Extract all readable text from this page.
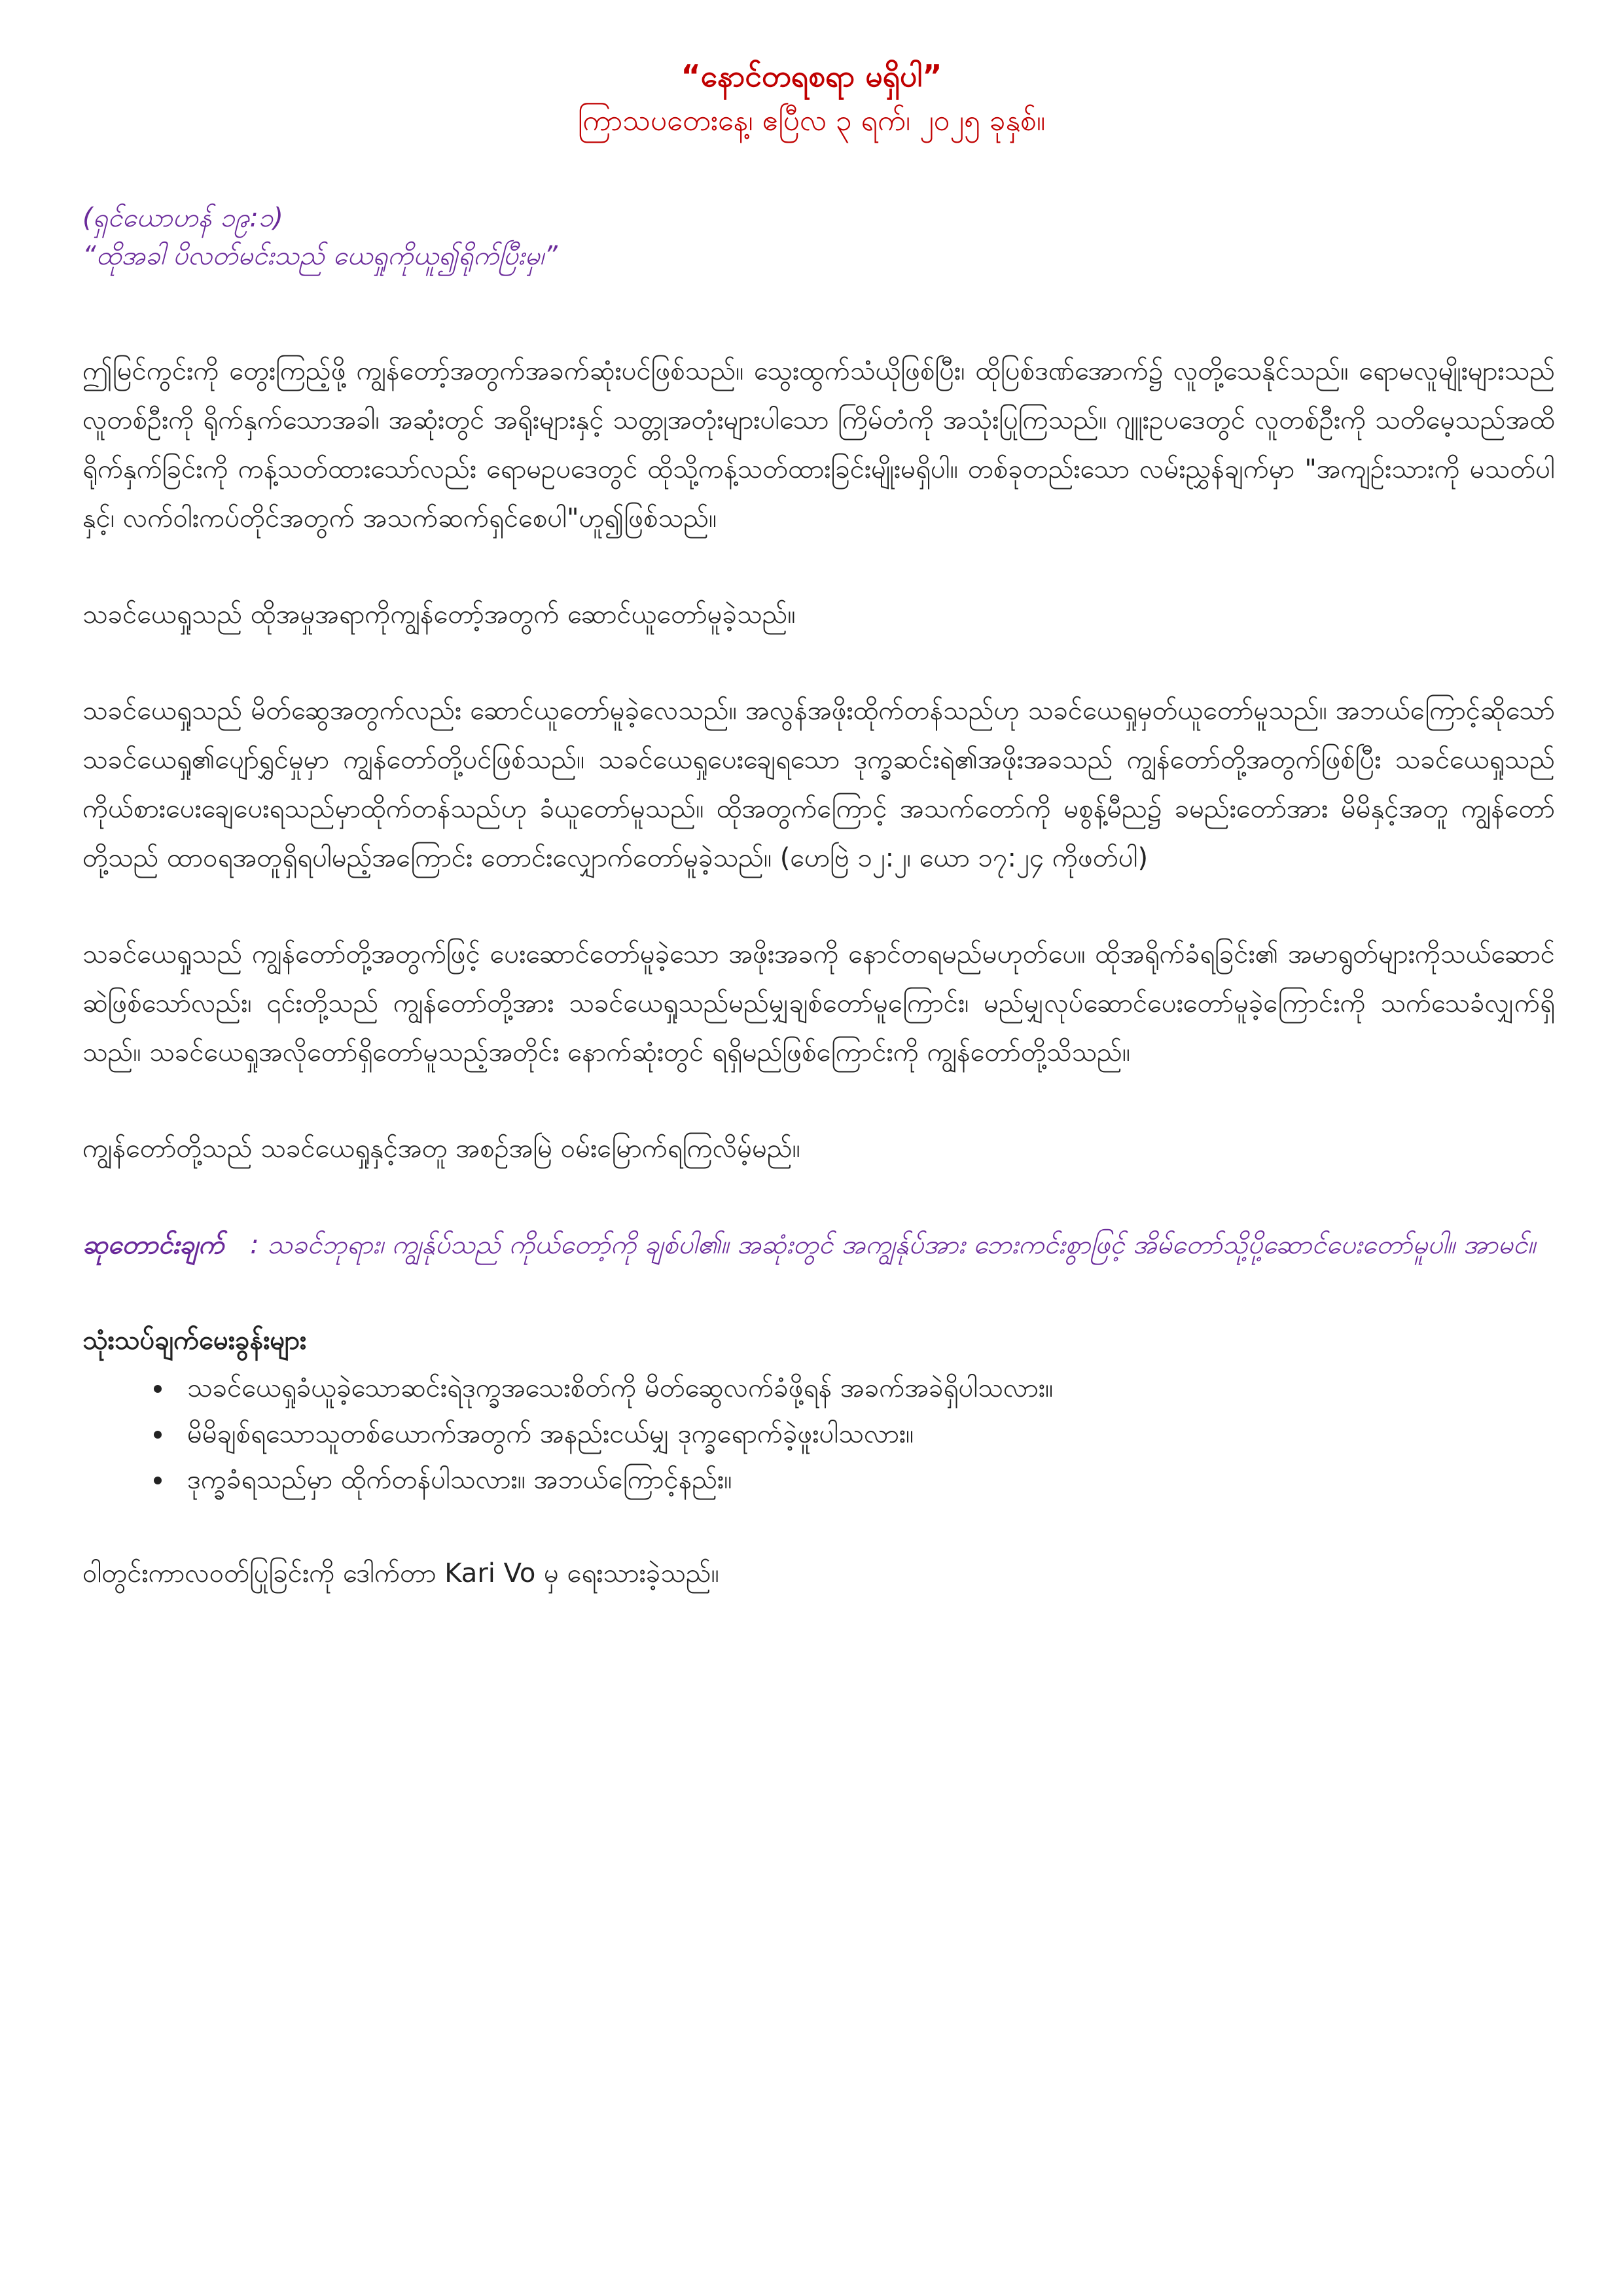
“နောင်တရစရာ မရှိပါ”
ကြာသပတေးနေ့၊ ဧပြီလ ၃ ရက်၊ ၂၀၂၅ ခုနှစ်။
(ရှင်ယောဟန် ၁၉:၁)
“ထိုအခါ ပိလတ်မင်းသည် ယေရှုကိုယူ၍ရိုက်ပြီးမှ၊”

ဤမြင်ကွင်းကို တွေးကြည့်ဖို့ ကျွန်တော့်အတွက်အခက်ဆုံးပင်ဖြစ်သည်။ သွေးထွက်သံယိုဖြစ်ပြီး၊ ထိုပြစ်ဒဏ်အောက်၌ လူတို့သေနိုင်သည်။ ရောမလူမျိုးများသည် လူတစ်ဦးကို ရိုက်နှက်သောအခါ၊ အဆုံးတွင် အရိုးများနှင့် သတ္တုအတုံးများပါသော ကြိမ်တံကို အသုံးပြုကြသည်။ ဂျူးဥပဒေတွင် လူတစ်ဦးကို သတိမေ့သည်အထိ ရိုက်နှက်ခြင်းကို ကန့်သတ်ထားသော်လည်း ရောမဥပဒေတွင် ထိုသို့ကန့်သတ်ထားခြင်းမျိုးမရှိပါ။ တစ်ခုတည်းသော လမ်းညွှန်ချက်မှာ "အကျဉ်းသားကို မသတ်ပါနှင့်၊ လက်ဝါးကပ်တိုင်အတွက် အသက်ဆက်ရှင်စေပါ"ဟူ၍ဖြစ်သည်။

သခင်ယေရှုသည် ထိုအမှုအရာကိုကျွန်တော့်အတွက် ဆောင်ယူတော်မူခဲ့သည်။

သခင်ယေရှုသည် မိတ်ဆွေအတွက်လည်း ဆောင်ယူတော်မူခဲ့လေသည်။ အလွန်အဖိုးထိုက်တန်သည်ဟု သခင်ယေရှုမှတ်ယူတော်မူသည်။ အဘယ်ကြောင့်ဆိုသော် သခင်ယေရှု၏ပျော်ရွှင်မှုမှာ ကျွန်တော်တို့ပင်ဖြစ်သည်။ သခင်ယေရှုပေးချေရသော ဒုက္ခဆင်းရဲ၏အဖိုးအခသည် ကျွန်တော်တို့အတွက်ဖြစ်ပြီး သခင်ယေရှုသည် ကိုယ်စားပေးချေပေးရသည်မှာထိုက်တန်သည်ဟု ခံယူတော်မူသည်။ ထိုအတွက်ကြောင့် အသက်တော်ကို မစွန့်မီည၌ ခမည်းတော်အား မိမိနှင့်အတူ ကျွန်တော်တို့သည် ထာဝရအတူရှိရပါမည့်အကြောင်း တောင်းလျှောက်တော်မူခဲ့သည်။ (ဟေဗြဲ ၁၂:၂၊ ယော ၁၇:၂၄ ကိုဖတ်ပါ)

သခင်ယေရှုသည် ကျွန်တော်တို့အတွက်ဖြင့် ပေးဆောင်တော်မူခဲ့သော အဖိုးအခကို နောင်တရမည်မဟုတ်ပေ။ ထိုအရိုက်ခံရခြင်း၏ အမာရွတ်များကိုသယ်ဆောင်ဆဲဖြစ်သော်လည်း၊ ၎င်းတို့သည် ကျွန်တော်တို့အား သခင်ယေရှုသည်မည်မျှချစ်တော်မူကြောင်း၊ မည်မျှလုပ်ဆောင်ပေးတော်မူခဲ့ကြောင်းကို သက်သေခံလျှက်ရှိသည်။ သခင်ယေရှုအလိုတော်ရှိတော်မူသည့်အတိုင်း နောက်ဆုံးတွင် ရရှိမည်ဖြစ်ကြောင်းကို ကျွန်တော်တို့သိသည်။

ကျွန်တော်တို့သည် သခင်ယေရှုနှင့်အတူ အစဉ်အမြဲ ဝမ်းမြောက်ရကြလိမ့်မည်။

ဆုတောင်းချက် : သခင်ဘုရား၊ ကျွန်ုပ်သည် ကိုယ်တော့်ကို ချစ်ပါ၏။ အဆုံးတွင် အကျွန်ုပ်အား ဘေးကင်းစွာဖြင့် အိမ်တော်သို့ပို့ဆောင်ပေးတော်မူပါ။ အာမင်။
သုံးသပ်ချက်မေးခွန်းများ
• သခင်ယေရှုခံယူခဲ့သောဆင်းရဲဒုက္ခအသေးစိတ်ကို မိတ်ဆွေလက်ခံဖို့ရန် အခက်အခဲရှိပါသလား။
• မိမိချစ်ရသောသူတစ်ယောက်အတွက် အနည်းငယ်မျှ ဒုက္ခရောက်ခဲ့ဖူးပါသလား။
• ဒုက္ခခံရသည်မှာ ထိုက်တန်ပါသလား။ အဘယ်ကြောင့်နည်း။

ဝါတွင်းကာလဝတ်ပြုခြင်းကို ဒေါက်တာ Kari Vo မှ ရေးသားခဲ့သည်။
